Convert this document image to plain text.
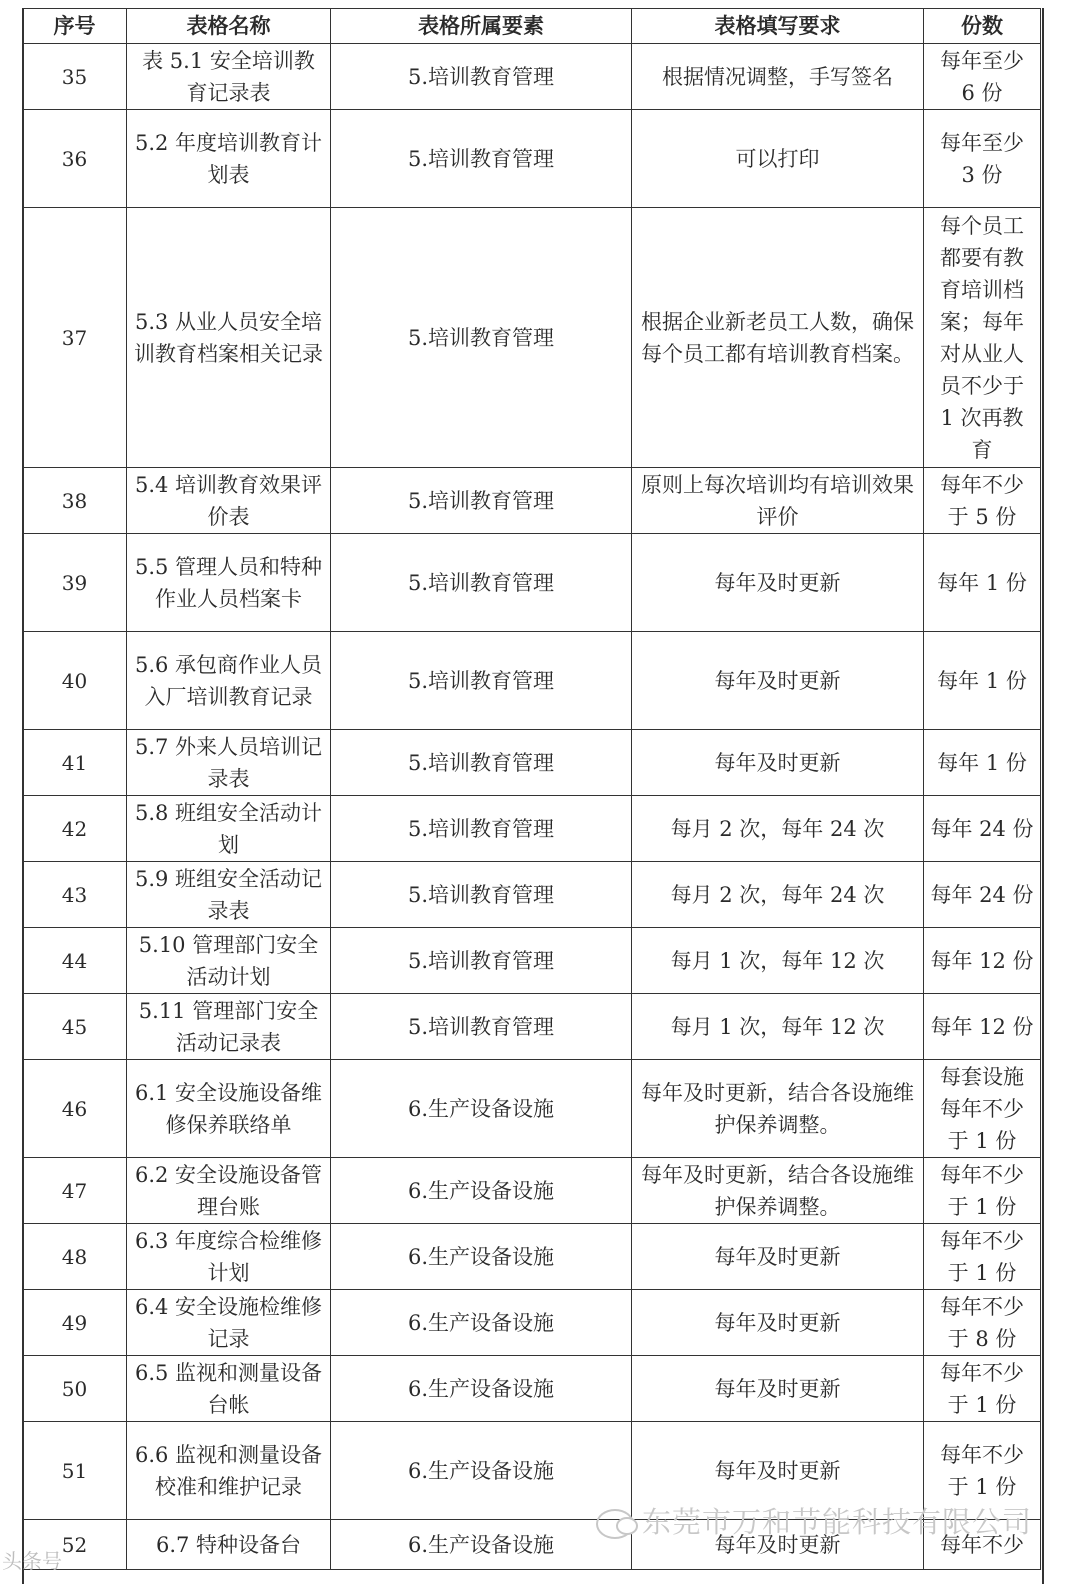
序号	表格名称	表格所属要素	表格填写要求	份数
35	表 5.1 安全培训教育记录表	5.培训教育管理	根据情况调整，手写签名	每年至少 6 份
36	5.2 年度培训教育计划表	5.培训教育管理	可以打印	每年至少 3 份
37	5.3 从业人员安全培训教育档案相关记录	5.培训教育管理	根据企业新老员工人数，确保每个员工都有培训教育档案。	每个员工都要有教育培训档案；每年对从业人员不少于 1 次再教育
38	5.4 培训教育效果评价表	5.培训教育管理	原则上每次培训均有培训效果评价	每年不少于 5 份
39	5.5 管理人员和特种作业人员档案卡	5.培训教育管理	每年及时更新	每年 1 份
40	5.6 承包商作业人员入厂培训教育记录	5.培训教育管理	每年及时更新	每年 1 份
41	5.7 外来人员培训记录表	5.培训教育管理	每年及时更新	每年 1 份
42	5.8 班组安全活动计划	5.培训教育管理	每月 2 次，每年 24 次	每年 24 份
43	5.9 班组安全活动记录表	5.培训教育管理	每月 2 次，每年 24 次	每年 24 份
44	5.10 管理部门安全活动计划	5.培训教育管理	每月 1 次，每年 12 次	每年 12 份
45	5.11 管理部门安全活动记录表	5.培训教育管理	每月 1 次，每年 12 次	每年 12 份
46	6.1 安全设施设备维修保养联络单	6.生产设备设施	每年及时更新，结合各设施维护保养调整。	每套设施每年不少于 1 份
47	6.2 安全设施设备管理台账	6.生产设备设施	每年及时更新，结合各设施维护保养调整。	每年不少于 1 份
48	6.3 年度综合检维修计划	6.生产设备设施	每年及时更新	每年不少于 1 份
49	6.4 安全设施检维修记录	6.生产设备设施	每年及时更新	每年不少于 8 份
50	6.5 监视和测量设备台帐	6.生产设备设施	每年及时更新	每年不少于 1 份
51	6.6 监视和测量设备校准和维护记录	6.生产设备设施	每年及时更新	每年不少于 1 份
52	6.7 特种设备台	6.生产设备设施	每年及时更新	每年不少
头条号
东莞市万和节能科技有限公司
